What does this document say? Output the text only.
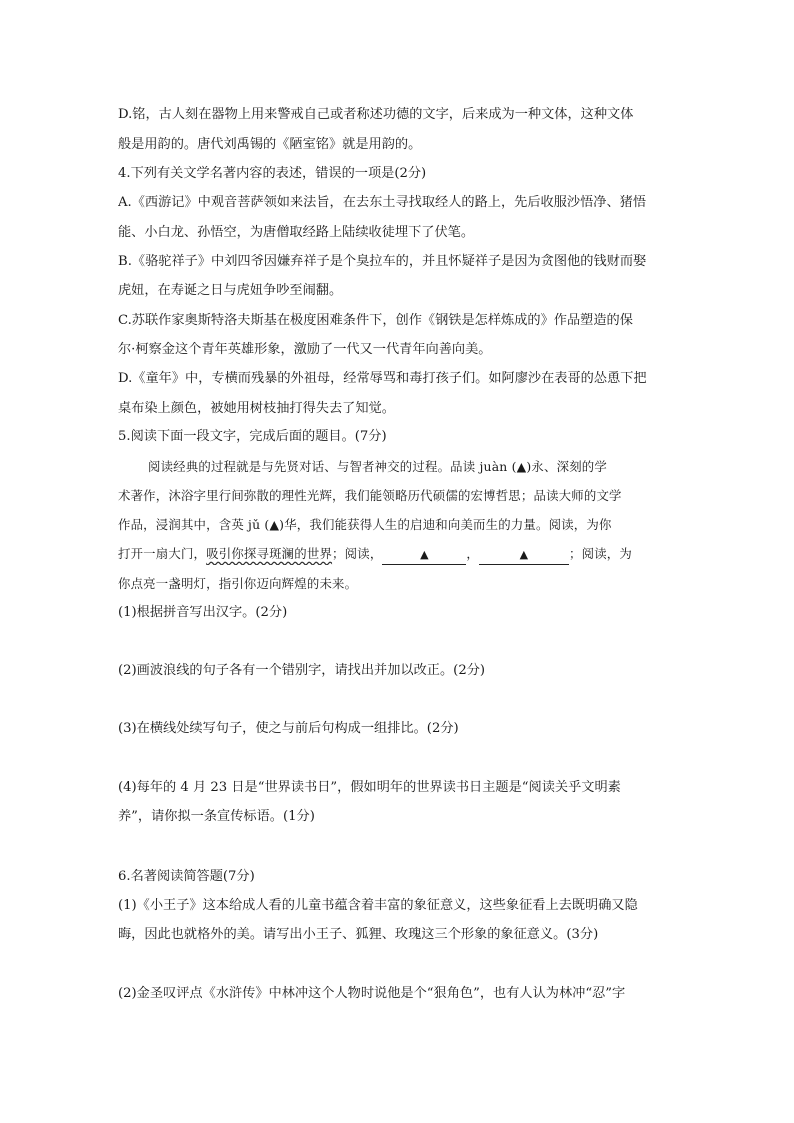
D.铭，古人刻在器物上用来警戒自己或者称述功德的文字，后来成为一种文体，这种文体
般是用韵的。唐代刘禹锡的《陋室铭》就是用韵的。
4.下列有关文学名著内容的表述，错误的一项是(2分)
A.《西游记》中观音菩萨领如来法旨，在去东土寻找取经人的路上，先后收服沙悟净、猪悟
能、小白龙、孙悟空，为唐僧取经路上陆续收徒埋下了伏笔。
B.《骆驼祥子》中刘四爷因嫌弃祥子是个臭拉车的，并且怀疑祥子是因为贪图他的钱财而娶
虎妞，在寿诞之日与虎妞争吵至闹翻。
C.苏联作家奥斯特洛夫斯基在极度困难条件下，创作《钢铁是怎样炼成的》作品塑造的保
尔·柯察金这个青年英雄形象，激励了一代又一代青年向善向美。
D.《童年》中，专横而残暴的外祖母，经常辱骂和毒打孩子们。如阿廖沙在表哥的怂恿下把
桌布染上颜色，被她用树枝抽打得失去了知觉。
5.阅读下面一段文字，完成后面的题目。(7分)
阅读经典的过程就是与先贤对话、与智者神交的过程。品读 juàn (▲)永、深刻的学
术著作，沐浴字里行间弥散的理性光辉，我们能领略历代硕儒的宏博哲思；品读大师的文学
作品，浸润其中，含英 jǔ (▲)华，我们能获得人生的启迪和向美而生的力量。阅读，为你
打开一扇大门，吸引你探寻斑澜的世界；阅读，	▲	，	▲	；阅读，为
你点亮一盏明灯，指引你迈向辉煌的未来。
(1)根据拼音写出汉字。(2分)
(2)画波浪线的句子各有一个错别字，请找出并加以改正。(2分)
(3)在横线处续写句子，使之与前后句构成一组排比。(2分)
(4)每年的 4 月 23 日是“世界读书日”，假如明年的世界读书日主题是“阅读关乎文明素
养”，请你拟一条宣传标语。(1分)
6.名著阅读简答题(7分)
(1)《小王子》这本给成人看的儿童书蕴含着丰富的象征意义，这些象征看上去既明确又隐
晦，因此也就格外的美。请写出小王子、狐狸、玫瑰这三个形象的象征意义。(3分)
(2)金圣叹评点《水浒传》中林冲这个人物时说他是个“狠角色”，也有人认为林冲“忍”字
